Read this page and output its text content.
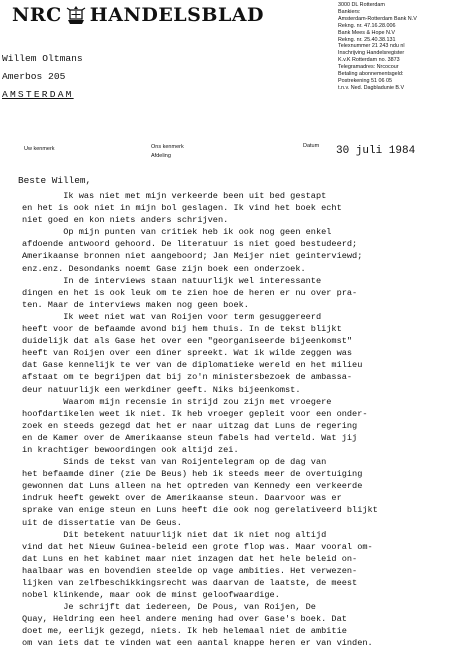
NRC HANDELSBLAD	3000 DL Rotterdam
Bankiers:
Amsterdam-Rotterdam Bank N.V
Rekng. nr. 47.16.28.006
Bank Mees & Hope N.V
Rekng. nr. 25.40.38.131
Telexnummer 21 243 ndu nl
Inschrijving Handelsregister
K.v.K Rotterdam no. 3873
Telegramadres: Nrcocour
Betaling abonnementsgeld:
Postrekening 51 06 05
t.n.v. Ned. Dagbladunie B.V
Willem Oltmans
Amerbos 205
AMSTERDAM
Uw kenmerk	Ons kenmerk
Afdeling
Datum 30 juli 1984
Beste Willem,
Ik was niet met mijn verkeerde been uit bed gestapt
en het is ook niet in mijn bol geslagen. Ik vind het boek echt
niet goed en kon niets anders schrijven.
Op mijn punten van critiek heb ik ook nog geen enkel
afdoende antwoord gehoord. De literatuur is niet goed bestudeerd;
Amerikaanse bronnen niet aangeboord; Jan Meijer niet geinterviewd;
enz.enz. Desondanks noemt Gase zijn boek een onderzoek.
In de interviews staan natuurlijk wel interessante
dingen en het is ook leuk om te zien hoe de heren er nu over pra-
ten. Maar de interviews maken nog geen boek.
Ik weet niet wat van Roijen voor term gesuggereerd
heeft voor de befaamde avond bij hem thuis. In de tekst blijkt
duidelijk dat als Gase het over een "georganiseerde bijeenkomst"
heeft van Roijen over een diner spreekt. Wat ik wilde zeggen was
dat Gase kennelijk te ver van de diplomatieke wereld en het milieu
afstaat om te begrijpen dat bij zo'n ministersbezoek de ambassa-
deur natuurlijk een werkdiner geeft. Niks bijeenkomst.
Waarom mijn recensie in strijd zou zijn met vroegere
hoofdartikelen weet ik niet. Ik heb vroeger gepleit voor een onder-
zoek en steeds gezegd dat het er naar uitzag dat Luns de regering
en de Kamer over de Amerikaanse steun fabels had verteld. Wat jij
in krachtiger bewoordingen ook altijd zei.
Sinds de tekst van van Roijentelegram op de dag van
het befaamde diner (zie De Beus) heb ik steeds meer de overtuiging
gewonnen dat Luns alleen na het optreden van Kennedy een verkeerde
indruk heeft gewekt over de Amerikaanse steun. Daarvoor was er
sprake van enige steun en Luns heeft die ook nog gerelativeerd blijkt
uit de dissertatie van De Geus.
Dit betekent natuurlijk niet dat ik niet nog altijd
vind dat het Nieuw Guinea-beleid een grote flop was. Maar vooral om-
dat Luns en het kabinet maar niet inzagen dat het hele beleid on-
haalbaar was en bovendien steelde op vage ambities. Het verwezen-
lijken van zelfbeschikkingsrecht was daarvan de laatste, de meest
nobel klinkende, maar ook de minst geloofwaardige.
Je schrijft dat iedereen, De Pous, van Roijen, De
Quay, Heldring een heel andere mening had over Gase's boek. Dat
doet me, eerlijk gezegd, niets. Ik heb helemaal niet de ambitie
om van iets dat te vinden wat een aantal knappe heren er van vinden.
